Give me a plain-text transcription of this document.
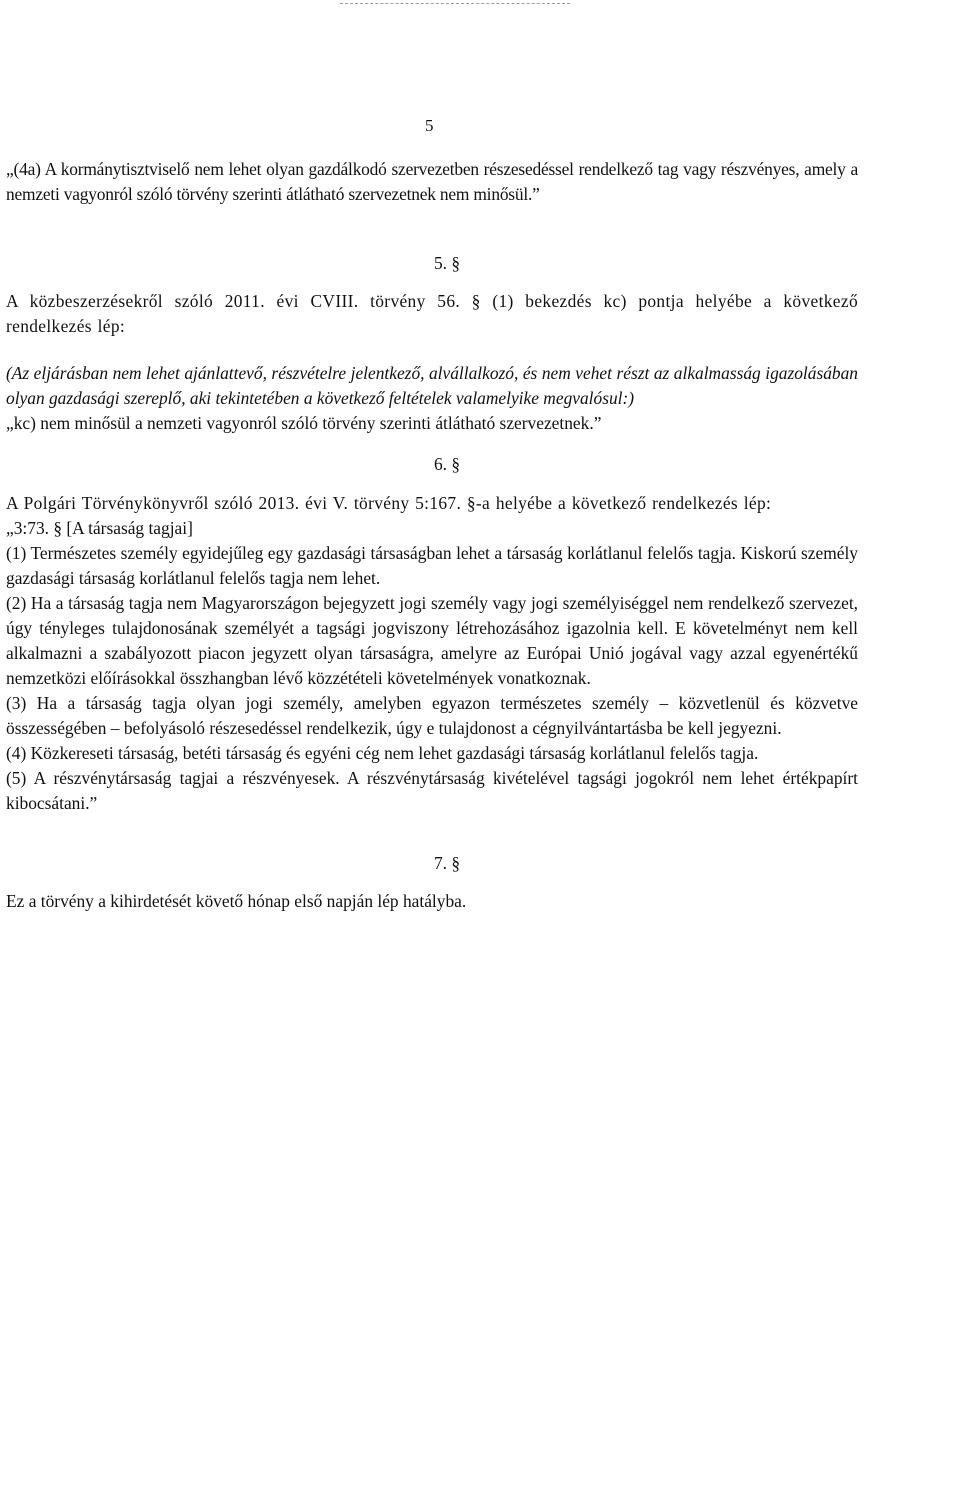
5

„(4a) A kormánytisztviselő nem lehet olyan gazdálkodó szervezetben részesedéssel rendelkező tag vagy részvényes, amely a nemzeti vagyonról szóló törvény szerinti átlátható szervezetnek nem minősül.”

5. §

A közbeszerzésekről szóló 2011. évi CVIII. törvény 56. § (1) bekezdés kc) pontja helyébe a következő rendelkezés lép:

(Az eljárásban nem lehet ajánlattevő, részvételre jelentkező, alvállalkozó, és nem vehet részt az alkalmasság igazolásában olyan gazdasági szereplő, aki tekintetében a következő feltételek valamelyike megvalósul:)

„kc) nem minősül a nemzeti vagyonról szóló törvény szerinti átlátható szervezetnek.”

6. §

A Polgári Törvénykönyvről szóló 2013. évi V. törvény 5:167. §-a helyébe a következő rendelkezés lép:

„3:73. § [A társaság tagjai]

(1) Természetes személy egyidejűleg egy gazdasági társaságban lehet a társaság korlátlanul felelős tagja. Kiskorú személy gazdasági társaság korlátlanul felelős tagja nem lehet.

(2) Ha a társaság tagja nem Magyarországon bejegyzett jogi személy vagy jogi személyiséggel nem rendelkező szervezet, úgy tényleges tulajdonosának személyét a tagsági jogviszony létrehozásához igazolnia kell. E követelményt nem kell alkalmazni a szabályozott piacon jegyzett olyan társaságra, amelyre az Európai Unió jogával vagy azzal egyenértékű nemzetközi előírásokkal összhangban lévő közzétételi követelmények vonatkoznak.

(3) Ha a társaság tagja olyan jogi személy, amelyben egyazon természetes személy – közvetlenül és közvetve összességében – befolyásoló részesedéssel rendelkezik, úgy e tulajdonost a cégnyilvántartásba be kell jegyezni.

(4) Közkereseti társaság, betéti társaság és egyéni cég nem lehet gazdasági társaság korlátlanul felelős tagja.

(5) A részvénytársaság tagjai a részvényesek. A részvénytársaság kivételével tagsági jogokról nem lehet értékpapírt kibocsátani.”

7. §

Ez a törvény a kihirdetését követő hónap első napján lép hatályba.
